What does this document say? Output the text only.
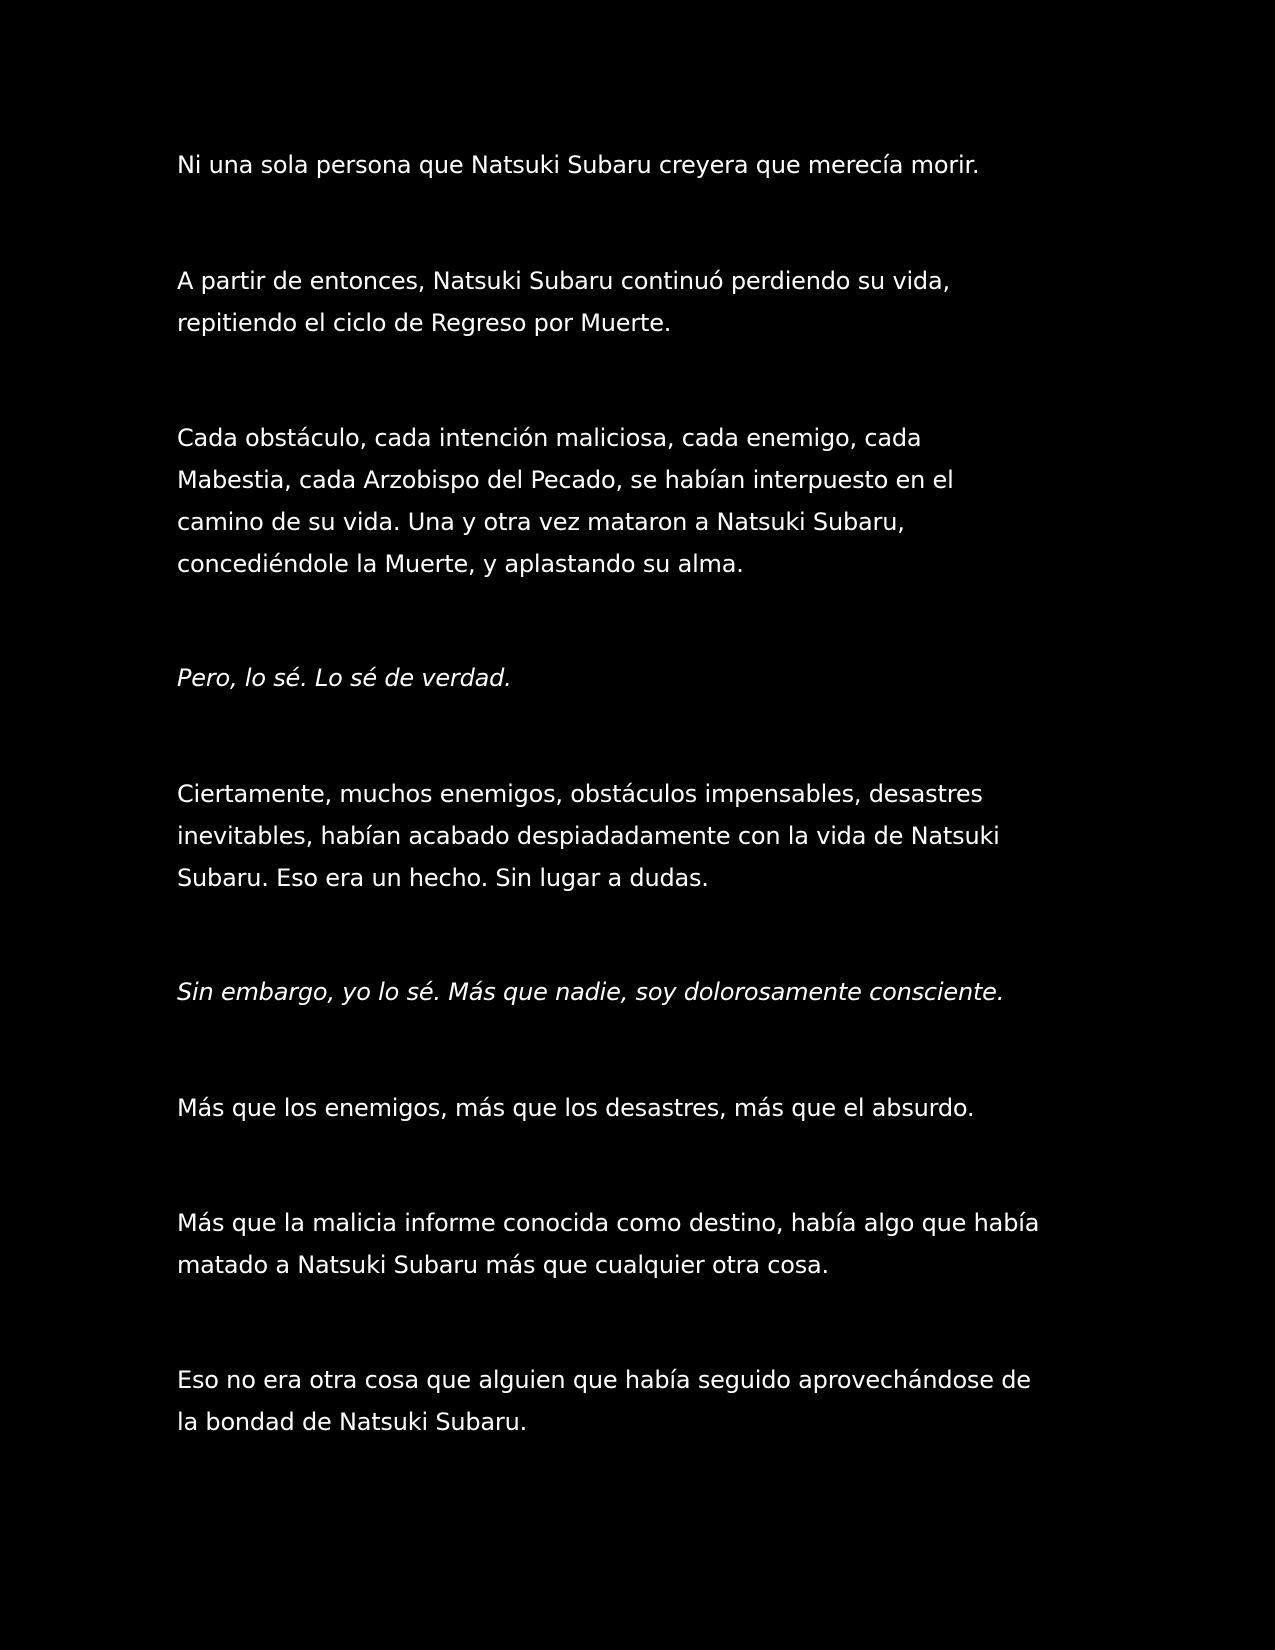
Ni una sola persona que Natsuki Subaru creyera que merecía morir.

A partir de entonces, Natsuki Subaru continuó perdiendo su vida,
repitiendo el ciclo de Regreso por Muerte.

Cada obstáculo, cada intención maliciosa, cada enemigo, cada
Mabestia, cada Arzobispo del Pecado, se habían interpuesto en el
camino de su vida. Una y otra vez mataron a Natsuki Subaru,
concediéndole la Muerte, y aplastando su alma.

Pero, lo sé. Lo sé de verdad.

Ciertamente, muchos enemigos, obstáculos impensables, desastres
inevitables, habían acabado despiadadamente con la vida de Natsuki
Subaru. Eso era un hecho. Sin lugar a dudas.

Sin embargo, yo lo sé. Más que nadie, soy dolorosamente consciente.

Más que los enemigos, más que los desastres, más que el absurdo.

Más que la malicia informe conocida como destino, había algo que había
matado a Natsuki Subaru más que cualquier otra cosa.

Eso no era otra cosa que alguien que había seguido aprovechándose de
la bondad de Natsuki Subaru.
